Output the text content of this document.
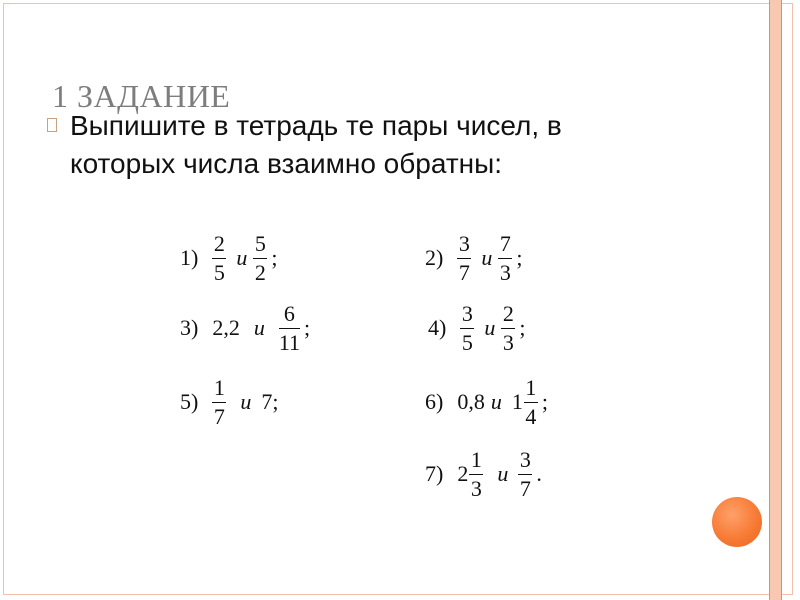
1 ЗАДАНИЕ
Выпишите в тетрадь те пары чисел, в которых числа взаимно обратны:
$1) \frac{2}{5}$ и $\frac{5}{2}$ ;	$2) \frac{3}{7}$ и $\frac{7}{3}$ ;
3) 2,2 и $\frac{6}{11}$ ;	$4) \frac{3}{5}$ и $\frac{2}{3}$ ;
$5) \frac{1}{7}$ и 7 ;	6) 0,8 и $1 \frac{1}{4}$ ;
7) $2 \frac{1}{3}$ и $\frac{3}{7}$ .
